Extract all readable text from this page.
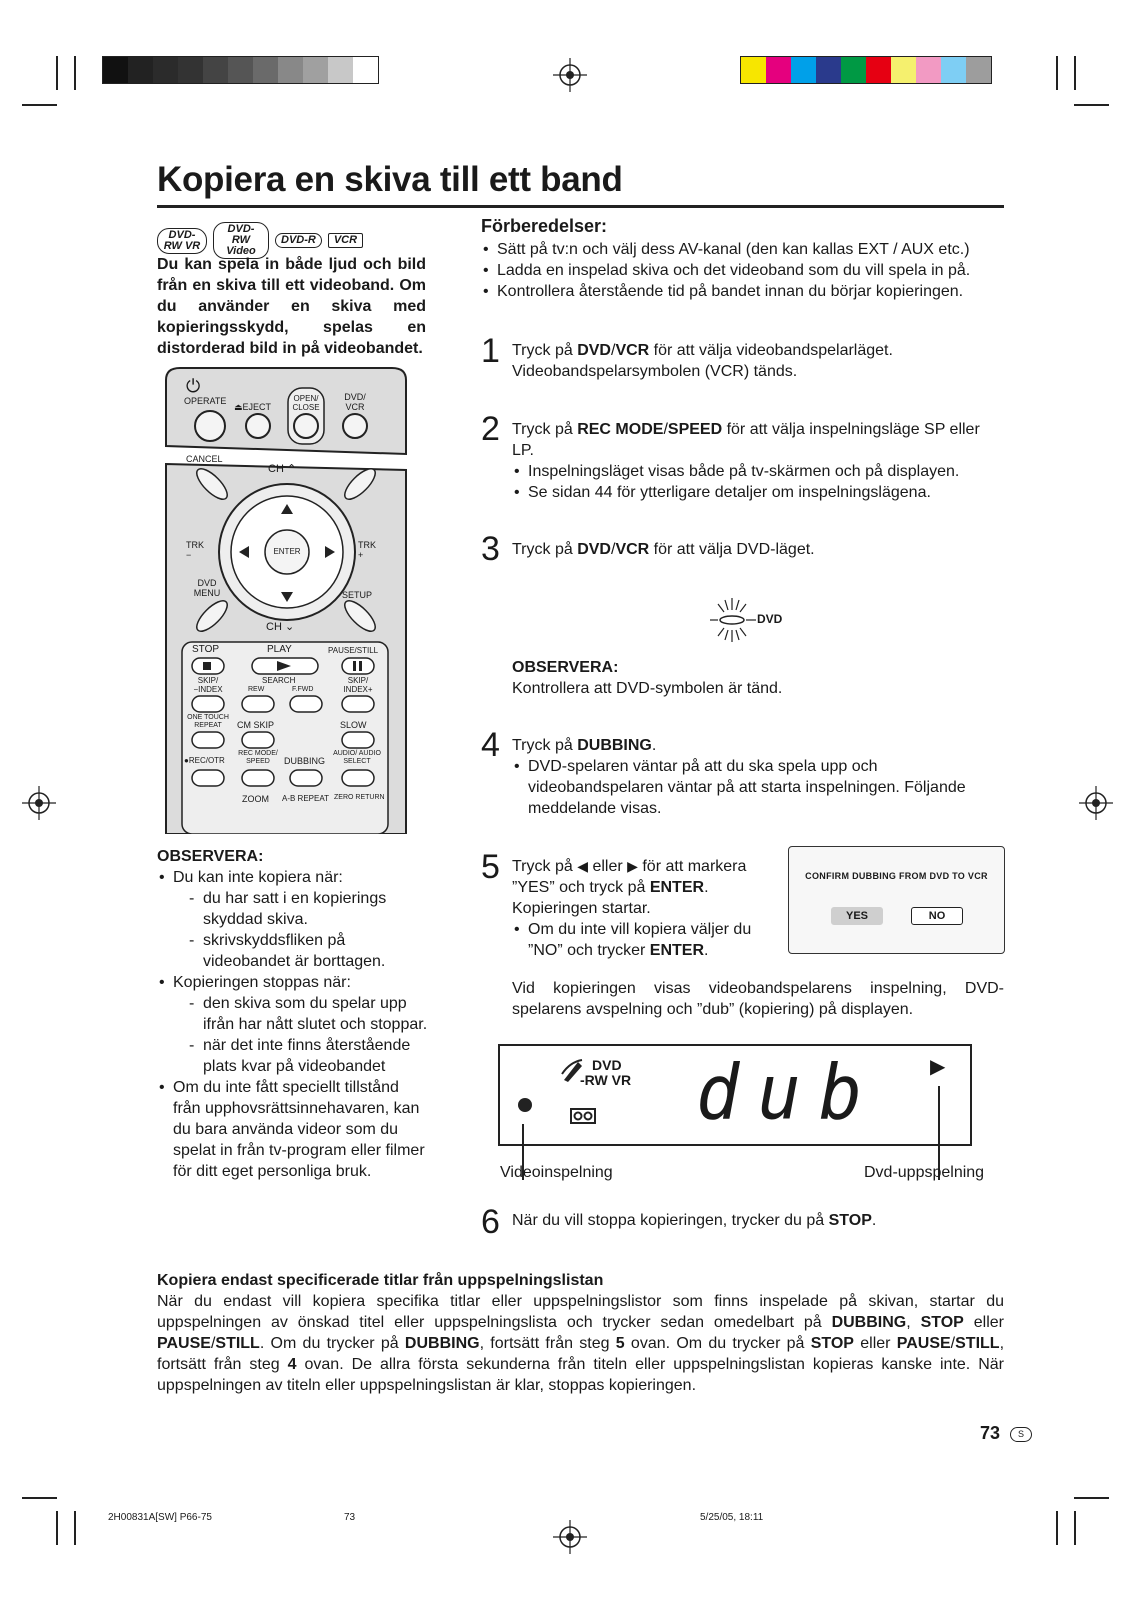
Kopiera en skiva till ett band
DVD-RW VR
DVD-RW Video
DVD-R	VCR
Du kan spela in både ljud och bild från en skiva till ett videoband. Om du använder en skiva med kopieringsskydd, spelas en distorderad bild in på videobandet.
⏻
OPERATE
⏏EJECT
OPEN/ CLOSE
DVD/ VCR
CANCEL
CH ⌃
TRK −
TRK +
ENTER
DVD MENU	SETUP
CH ⌄
STOP	PLAY	PAUSE/STILL
SKIP/ −INDEX
SEARCH
REW	F.FWD
SKIP/ INDEX+
ONE TOUCH REPEAT	CM SKIP	SLOW
●REC/OTR
REC MODE/ SPEED	DUBBING
AUDIO/ AUDIO SELECT
ZOOM A-B REPEAT ZERO RETURN
OBSERVERA:
• Du kan inte kopiera när:
- du har satt i en kopierings skyddad skiva.
- skrivskyddsfliken på videobandet är borttagen.
• Kopieringen stoppas när:
- den skiva som du spelar upp ifrån har nått slutet och stoppar.
- när det inte finns återstående plats kvar på videobandet
• Om du inte fått speciellt tillstånd från upphovsrättsinnehavaren, kan du bara använda videor som du spelat in från tv-program eller filmer för ditt eget personliga bruk.
Förberedelser:
• Sätt på tv:n och välj dess AV-kanal (den kan kallas EXT / AUX etc.)
• Ladda en inspelad skiva och det videoband som du vill spela in på.
• Kontrollera återstående tid på bandet innan du börjar kopieringen.
1 Tryck på DVD/VCR för att välja videobandspelarläget.
Videobandspelarsymbolen (VCR) tänds.
2 Tryck på REC MODE/SPEED för att välja inspelningsläge SP eller LP.
• Inspelningsläget visas både på tv-skärmen och på displayen.
• Se sidan 44 för ytterligare detaljer om inspelningslägena.
3 Tryck på DVD/VCR för att välja DVD-läget.
DVD
OBSERVERA:
Kontrollera att DVD-symbolen är tänd.
4 Tryck på DUBBING.
• DVD-spelaren väntar på att du ska spela upp och videobandspelaren väntar på att starta inspelningen. Följande meddelande visas.
5 Tryck på ◀ eller ▶ för att markera
”YES” och tryck på ENTER.
Kopieringen startar.
• Om du inte vill kopiera väljer du ”NO” och trycker ENTER.
CONFIRM DUBBING FROM DVD TO VCR
YES	NO
Vid kopieringen visas videobandspelarens inspelning, DVD-spelarens avspelning och ”dub” (kopiering) på displayen.
DVD
-RW VR dub ▶
Videoinspelning	Dvd-uppspelning
6 När du vill stoppa kopieringen, trycker du på STOP.
Kopiera endast specificerade titlar från uppspelningslistan
När du endast vill kopiera specifika titlar eller uppspelningslistor som finns inspelade på skivan, startar du uppspelningen av önskad titel eller uppspelningslista och trycker sedan omedelbart på DUBBING, STOP eller PAUSE/STILL. Om du trycker på DUBBING, fortsätt från steg 5 ovan. Om du trycker på STOP eller PAUSE/STILL, fortsätt från steg 4 ovan. De allra första sekunderna från titeln eller uppspelningslistan kopieras kanske inte. När uppspelningen av titeln eller uppspelningslistan är klar, stoppas kopieringen.
73	S
2H00831A[SW] P66-75	73	5/25/05, 18:11
